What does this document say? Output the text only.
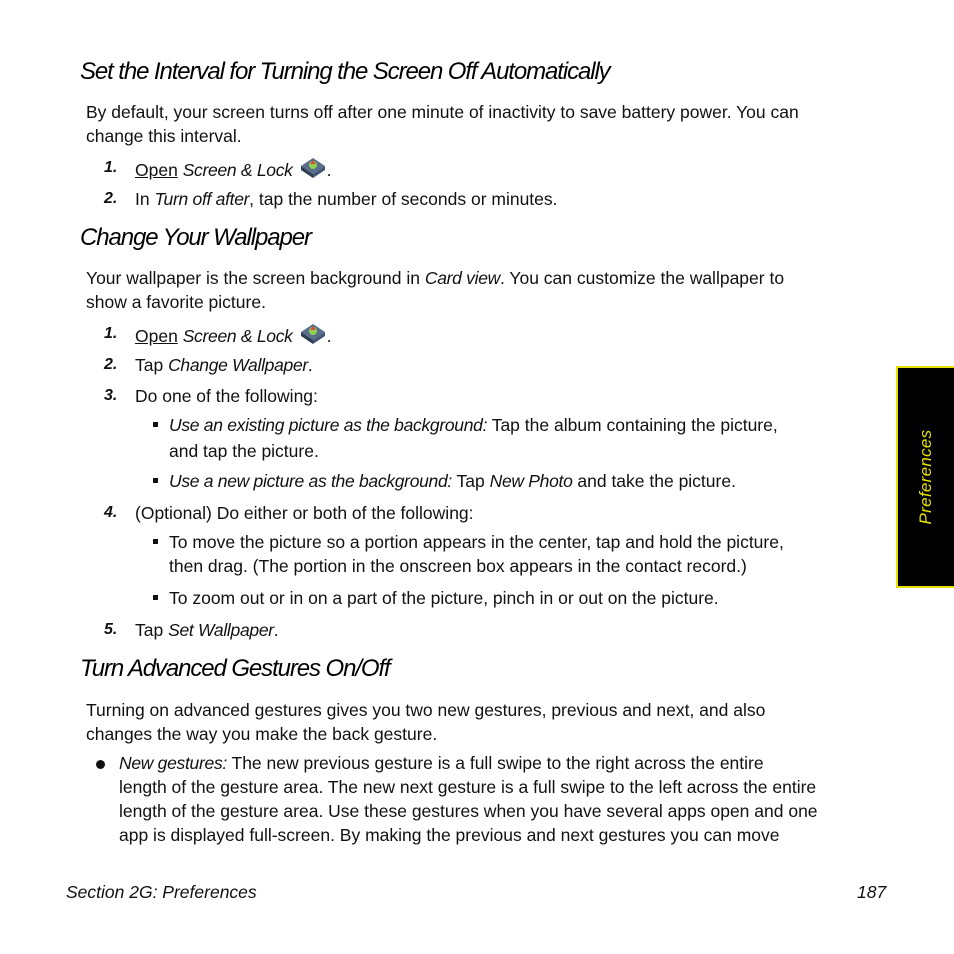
Set the Interval for Turning the Screen Off Automatically
By default, your screen turns off after one minute of inactivity to save battery power. You can
change this interval.
1. Open Screen & Lock .
2. In Turn off after, tap the number of seconds or minutes.
Change Your Wallpaper
Your wallpaper is the screen background in Card view. You can customize the wallpaper to
show a favorite picture.
1. Open Screen & Lock .
2. Tap Change Wallpaper.
3. Do one of the following:
Use an existing picture as the background: Tap the album containing the picture,
and tap the picture.
Use a new picture as the background: Tap New Photo and take the picture.
4. (Optional) Do either or both of the following:
To move the picture so a portion appears in the center, tap and hold the picture,
then drag. (The portion in the onscreen box appears in the contact record.)
To zoom out or in on a part of the picture, pinch in or out on the picture.
5. Tap Set Wallpaper.
Turn Advanced Gestures On/Off
Turning on advanced gestures gives you two new gestures, previous and next, and also
changes the way you make the back gesture.
New gestures: The new previous gesture is a full swipe to the right across the entire
length of the gesture area. The new next gesture is a full swipe to the left across the entire
length of the gesture area. Use these gestures when you have several apps open and one
app is displayed full-screen. By making the previous and next gestures you can move
Preferences
Section 2G: Preferences	187
